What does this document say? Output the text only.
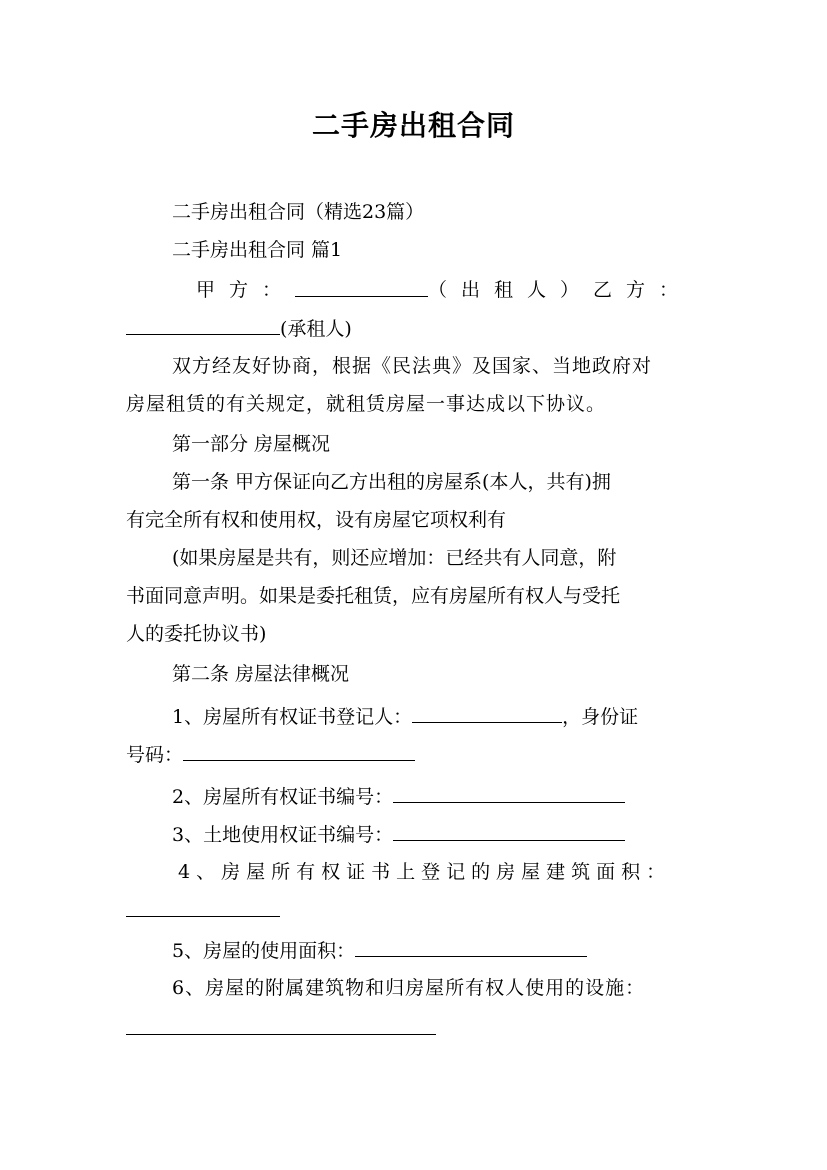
二手房出租合同
二手房出租合同（精选23篇）
二手房出租合同 篇1
甲方：	（出租人） 乙方：
(承租人)
双方经友好协商，根据《民法典》及国家、当地政府对
房屋租赁的有关规定，就租赁房屋一事达成以下协议。
第一部分 房屋概况
第一条 甲方保证向乙方出租的房屋系(本人，共有)拥
有完全所有权和使用权，设有房屋它项权利有
(如果房屋是共有，则还应增加：已经共有人同意，附
书面同意声明。如果是委托租赁，应有房屋所有权人与受托
人的委托协议书)
第二条 房屋法律概况
1、房屋所有权证书登记人：	，身份证
号码：
2、房屋所有权证书编号：
3、土地使用权证书编号：
4、房屋所有权证书上登记的房屋建筑面积：
5、房屋的使用面积：
6、房屋的附属建筑物和归房屋所有权人使用的设施：
